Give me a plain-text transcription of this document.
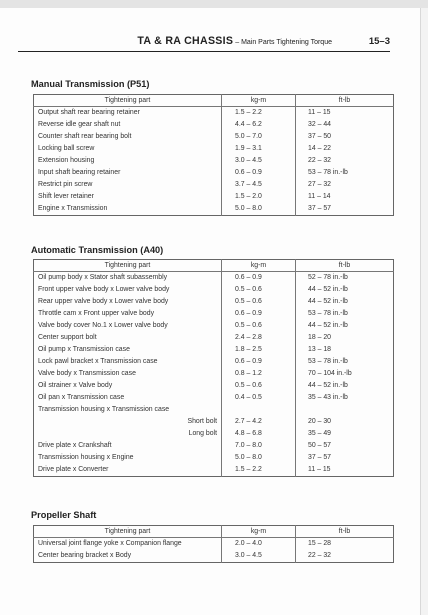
TA & RA CHASSIS – Main Parts Tightening Torque	15–3
Manual Transmission (P51)
Tightening part	kg-m	ft-lb
Output shaft rear bearing retainer	1.5 – 2.2	11 – 15
Reverse idle gear shaft nut	4.4 – 6.2	32 – 44
Counter shaft rear bearing bolt	5.0 – 7.0	37 – 50
Locking ball screw	1.9 – 3.1	14 – 22
Extension housing	3.0 – 4.5	22 – 32
Input shaft bearing retainer	0.6 – 0.9	53 – 78 in.-lb
Restrict pin screw	3.7 – 4.5	27 – 32
Shift lever retainer	1.5 – 2.0	11 – 14
Engine x Transmission	5.0 – 8.0	37 – 57
Automatic Transmission (A40)
Tightening part	kg-m	ft-lb
Oil pump body x Stator shaft subassembly	0.6 – 0.9	52 – 78 in.-lb
Front upper valve body x Lower valve body	0.5 – 0.6	44 – 52 in.-lb
Rear upper valve body x Lower valve body	0.5 – 0.6	44 – 52 in.-lb
Throttle cam x Front upper valve body	0.6 – 0.9	53 – 78 in.-lb
Valve body cover No.1 x Lower valve body	0.5 – 0.6	44 – 52 in.-lb
Center support bolt	2.4 – 2.8	18 – 20
Oil pump x Transmission case	1.8 – 2.5	13 – 18
Lock pawl bracket x Transmission case	0.6 – 0.9	53 – 78 in.-lb
Valve body x Transmission case	0.8 – 1.2	70 – 104 in.-lb
Oil strainer x Valve body	0.5 – 0.6	44 – 52 in.-lb
Oil pan x Transmission case	0.4 – 0.5	35 – 43 in.-lb
Transmission housing x Transmission case		
Short bolt	2.7 – 4.2	20 – 30
Long bolt	4.8 – 6.8	35 – 49
Drive plate x Crankshaft	7.0 – 8.0	50 – 57
Transmission housing x Engine	5.0 – 8.0	37 – 57
Drive plate x Converter	1.5 – 2.2	11 – 15
Propeller Shaft
Tightening part	kg-m	ft-lb
Universal joint flange yoke x Companion flange	2.0 – 4.0	15 – 28
Center bearing bracket x Body	3.0 – 4.5	22 – 32
